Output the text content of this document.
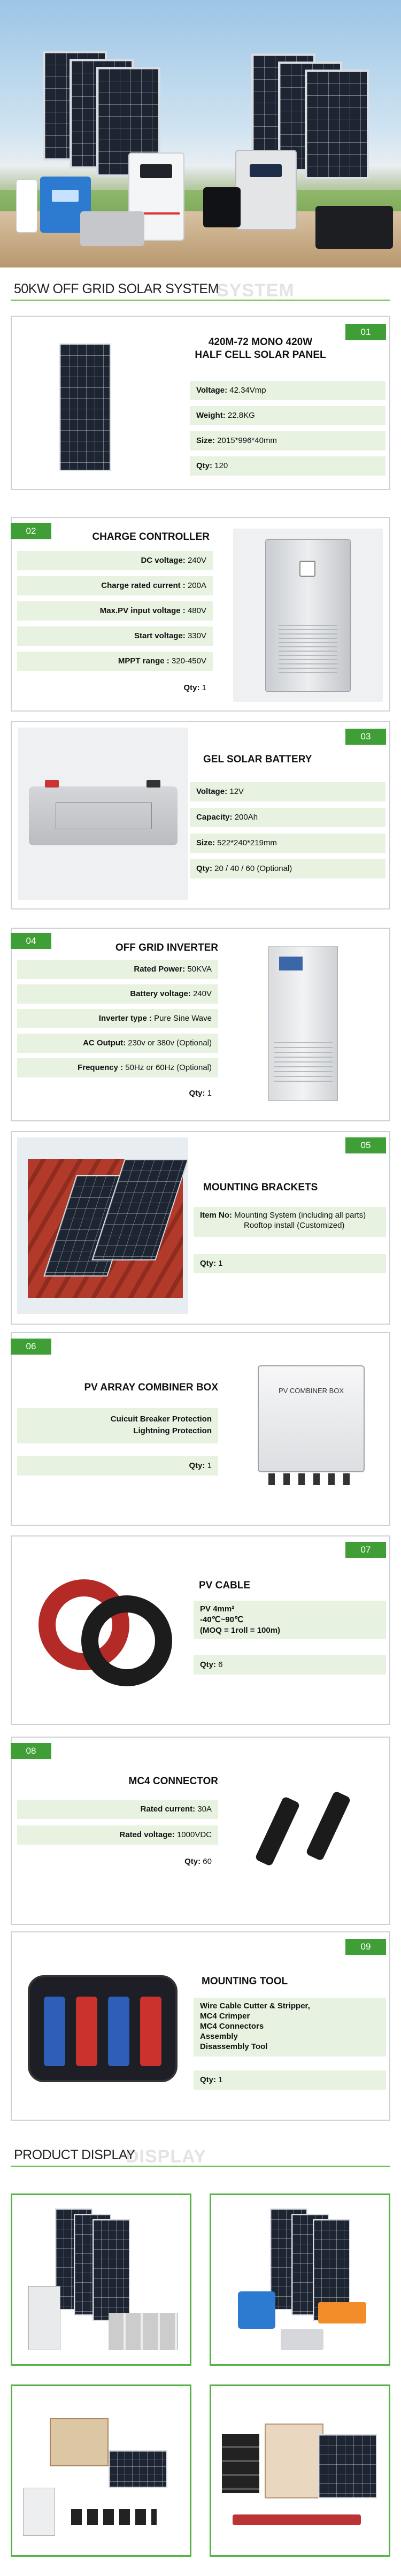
SYSTEM
50KW OFF GRID SOLAR SYSTEM
01
420M-72 MONO 420W
HALF CELL SOLAR PANEL
Voltage: 42.34Vmp
Weight: 22.8KG
Size: 2015*996*40mm
Qty: 120
02
CHARGE CONTROLLER
DC voltage: 240V
Charge rated current : 200A
Max.PV input voltage : 480V
Start voltage: 330V
MPPT range : 320-450V
Qty: 1
03
GEL SOLAR BATTERY
Voltage: 12V
Capacity: 200Ah
Size: 522*240*219mm
Qty: 20 / 40 / 60 (Optional)
04
OFF GRID INVERTER
Rated Power: 50KVA
Battery voltage: 240V
Inverter type : Pure Sine Wave
AC Output: 230v or 380v (Optional)
Frequency : 50Hz or 60Hz (Optional)
Qty: 1
05
MOUNTING BRACKETS
Item No: Mounting System (including all parts)
Rooftop install (Customized)
Qty: 1
06
PV ARRAY COMBINER BOX
Cuicuit Breaker Protection
Lightning Protection
Qty: 1
PV COMBINER BOX
07
PV CABLE
PV 4mm²
-40℃~90℃
(MOQ = 1roll = 100m)
Qty: 6
08
MC4 CONNECTOR
Rated current: 30A
Rated voltage: 1000VDC
Qty: 60
09
MOUNTING TOOL
Wire Cable Cutter & Stripper,
MC4 Crimper
MC4 Connectors
Assembly
Disassembly Tool
Qty: 1
DISPLAY
PRODUCT DISPLAY
